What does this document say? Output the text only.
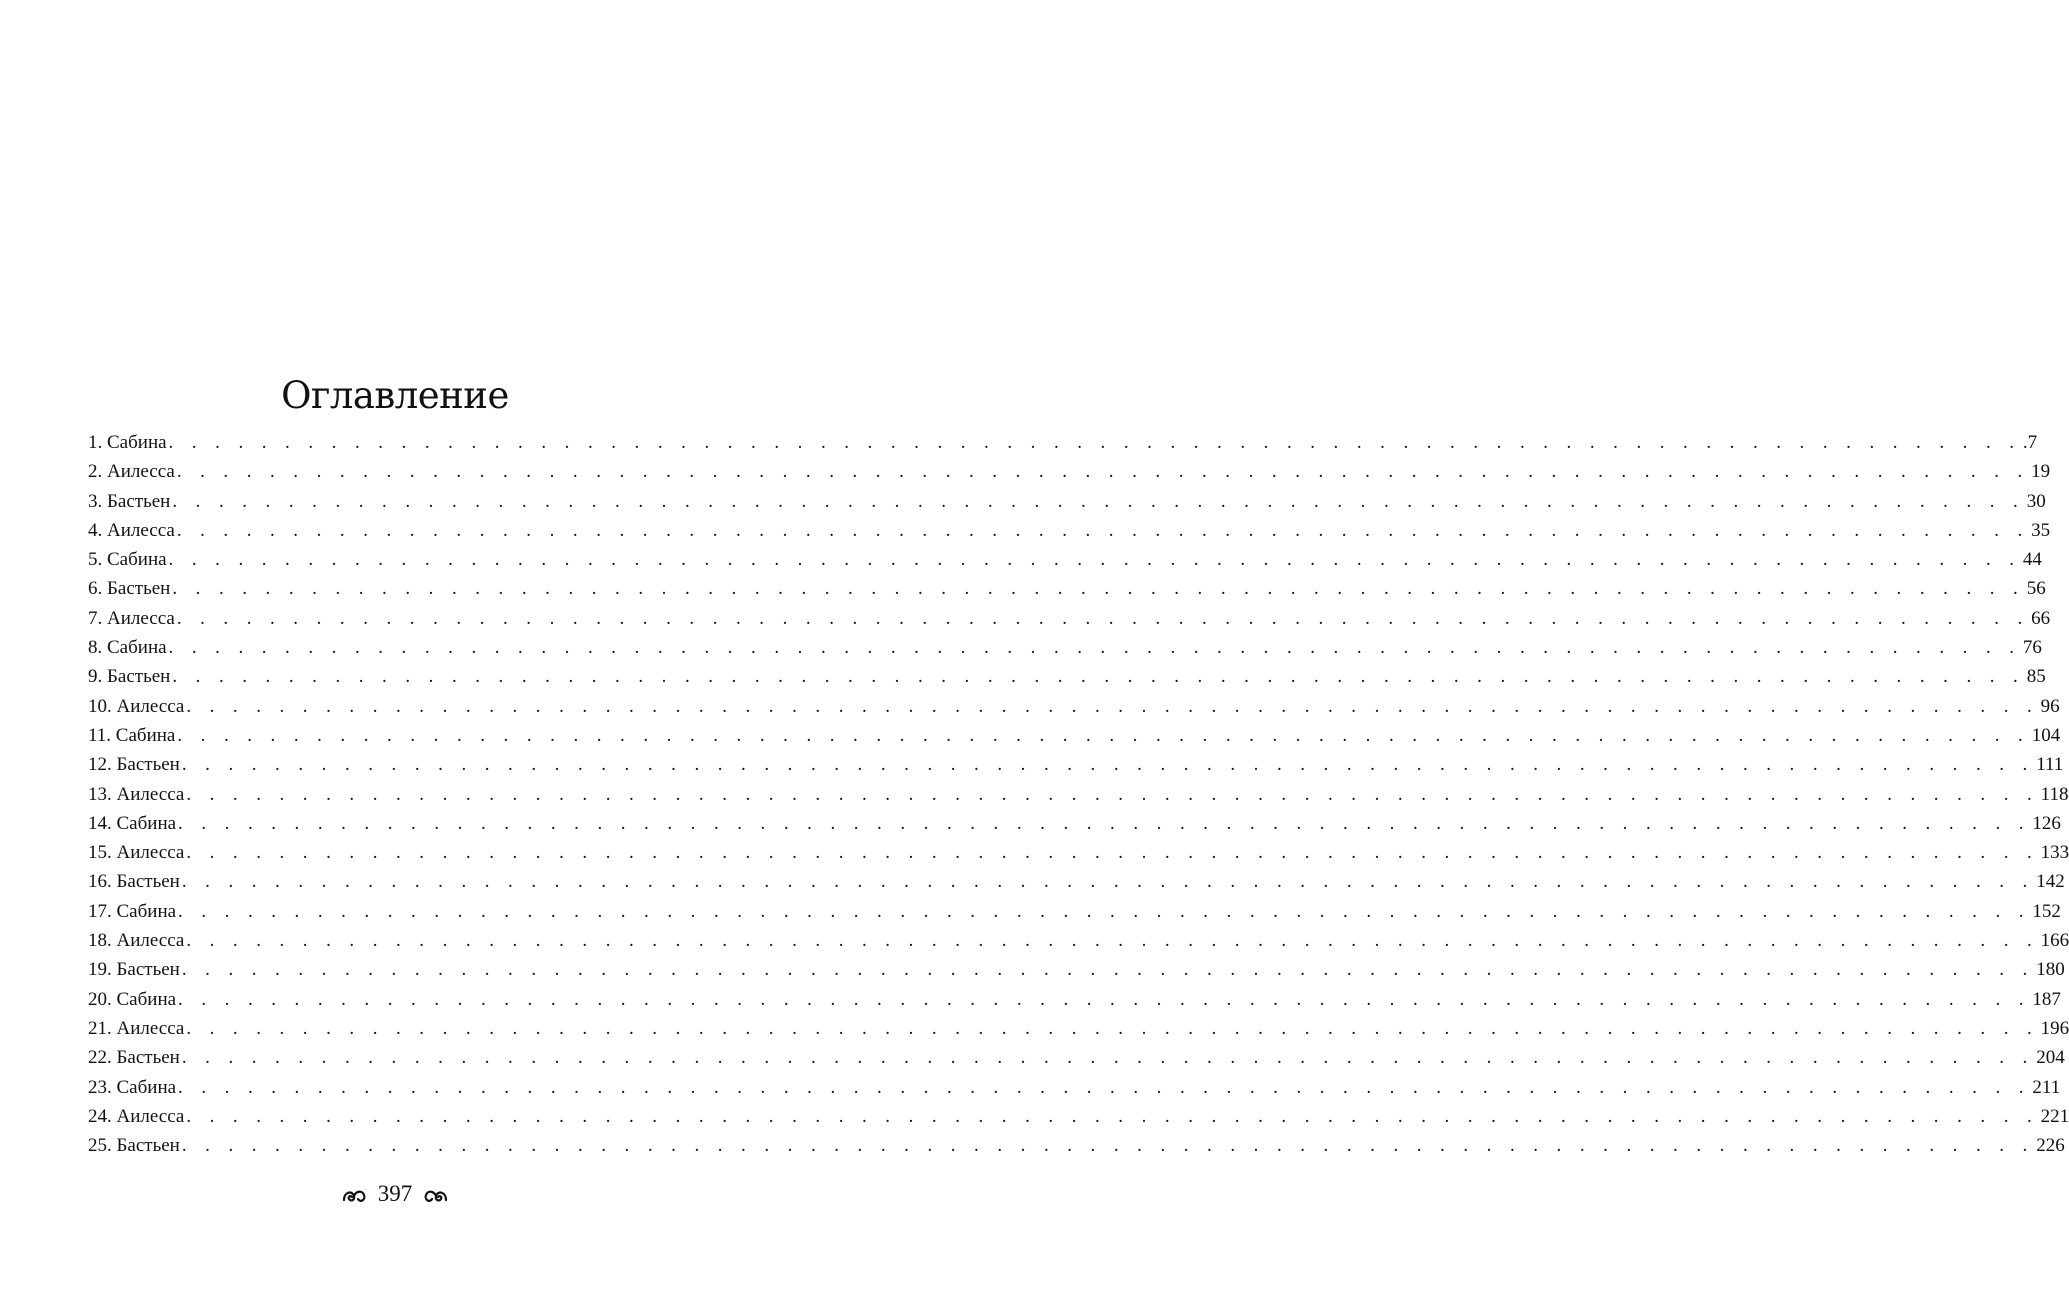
Оглавление
1. Сабина . . . . . . . . . . . . . . . . . . . . . . . . . . . . . . . . . . . . . . . . . . . . . . . . . . . . . . . . . . . . . . . . . . . . . . . . . . . . . . . . .7
2. Аилесса . . . . . . . . . . . . . . . . . . . . . . . . . . . . . . . . . . . . . . . . . . . . . . . . . . . . . . . . . . . . . . . . . . . . . . . . . . . . . . . . 19
3. Бастьен . . . . . . . . . . . . . . . . . . . . . . . . . . . . . . . . . . . . . . . . . . . . . . . . . . . . . . . . . . . . . . . . . . . . . . . . . . . . . . . . 30
4. Аилесса . . . . . . . . . . . . . . . . . . . . . . . . . . . . . . . . . . . . . . . . . . . . . . . . . . . . . . . . . . . . . . . . . . . . . . . . . . . . . . . . 35
5. Сабина . . . . . . . . . . . . . . . . . . . . . . . . . . . . . . . . . . . . . . . . . . . . . . . . . . . . . . . . . . . . . . . . . . . . . . . . . . . . . . . . 44
6. Бастьен . . . . . . . . . . . . . . . . . . . . . . . . . . . . . . . . . . . . . . . . . . . . . . . . . . . . . . . . . . . . . . . . . . . . . . . . . . . . . . . . 56
7. Аилесса . . . . . . . . . . . . . . . . . . . . . . . . . . . . . . . . . . . . . . . . . . . . . . . . . . . . . . . . . . . . . . . . . . . . . . . . . . . . . . . . 66
8. Сабина . . . . . . . . . . . . . . . . . . . . . . . . . . . . . . . . . . . . . . . . . . . . . . . . . . . . . . . . . . . . . . . . . . . . . . . . . . . . . . . . 76
9. Бастьен . . . . . . . . . . . . . . . . . . . . . . . . . . . . . . . . . . . . . . . . . . . . . . . . . . . . . . . . . . . . . . . . . . . . . . . . . . . . . . . . 85
10. Аилесса . . . . . . . . . . . . . . . . . . . . . . . . . . . . . . . . . . . . . . . . . . . . . . . . . . . . . . . . . . . . . . . . . . . . . . . . . . . . . . . . 96
11. Сабина . . . . . . . . . . . . . . . . . . . . . . . . . . . . . . . . . . . . . . . . . . . . . . . . . . . . . . . . . . . . . . . . . . . . . . . . . . . . . . . . 104
12. Бастьен . . . . . . . . . . . . . . . . . . . . . . . . . . . . . . . . . . . . . . . . . . . . . . . . . . . . . . . . . . . . . . . . . . . . . . . . . . . . . . . . 111
13. Аилесса . . . . . . . . . . . . . . . . . . . . . . . . . . . . . . . . . . . . . . . . . . . . . . . . . . . . . . . . . . . . . . . . . . . . . . . . . . . . . . . . 118
14. Сабина . . . . . . . . . . . . . . . . . . . . . . . . . . . . . . . . . . . . . . . . . . . . . . . . . . . . . . . . . . . . . . . . . . . . . . . . . . . . . . . . 126
15. Аилесса . . . . . . . . . . . . . . . . . . . . . . . . . . . . . . . . . . . . . . . . . . . . . . . . . . . . . . . . . . . . . . . . . . . . . . . . . . . . . . . . 133
16. Бастьен . . . . . . . . . . . . . . . . . . . . . . . . . . . . . . . . . . . . . . . . . . . . . . . . . . . . . . . . . . . . . . . . . . . . . . . . . . . . . . . . 142
17. Сабина . . . . . . . . . . . . . . . . . . . . . . . . . . . . . . . . . . . . . . . . . . . . . . . . . . . . . . . . . . . . . . . . . . . . . . . . . . . . . . . . 152
18. Аилесса . . . . . . . . . . . . . . . . . . . . . . . . . . . . . . . . . . . . . . . . . . . . . . . . . . . . . . . . . . . . . . . . . . . . . . . . . . . . . . . . 166
19. Бастьен . . . . . . . . . . . . . . . . . . . . . . . . . . . . . . . . . . . . . . . . . . . . . . . . . . . . . . . . . . . . . . . . . . . . . . . . . . . . . . . . 180
20. Сабина . . . . . . . . . . . . . . . . . . . . . . . . . . . . . . . . . . . . . . . . . . . . . . . . . . . . . . . . . . . . . . . . . . . . . . . . . . . . . . . . 187
21. Аилесса . . . . . . . . . . . . . . . . . . . . . . . . . . . . . . . . . . . . . . . . . . . . . . . . . . . . . . . . . . . . . . . . . . . . . . . . . . . . . . . . 196
22. Бастьен . . . . . . . . . . . . . . . . . . . . . . . . . . . . . . . . . . . . . . . . . . . . . . . . . . . . . . . . . . . . . . . . . . . . . . . . . . . . . . . . 204
23. Сабина . . . . . . . . . . . . . . . . . . . . . . . . . . . . . . . . . . . . . . . . . . . . . . . . . . . . . . . . . . . . . . . . . . . . . . . . . . . . . . . . 211
24. Аилесса . . . . . . . . . . . . . . . . . . . . . . . . . . . . . . . . . . . . . . . . . . . . . . . . . . . . . . . . . . . . . . . . . . . . . . . . . . . . . . . . 221
25. Бастьен . . . . . . . . . . . . . . . . . . . . . . . . . . . . . . . . . . . . . . . . . . . . . . . . . . . . . . . . . . . . . . . . . . . . . . . . . . . . . . . . 226
397
